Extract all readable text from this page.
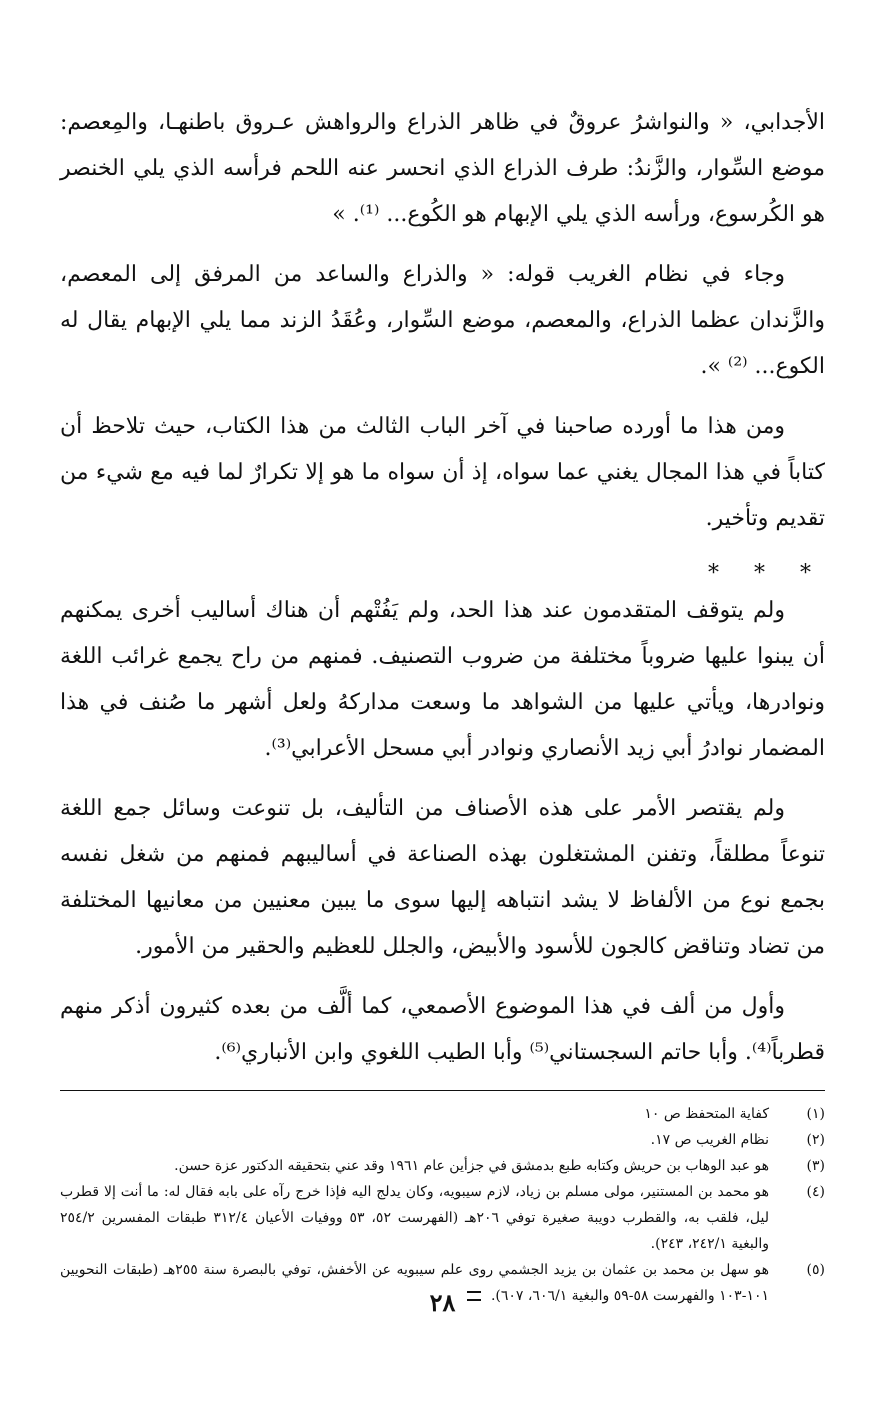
الأجدابي، « والنواشرُ عروقٌ في ظاهر الذراع والرواهش عـروق باطنهـا، والمِعصم: موضع السِّوار، والزَّندُ: طرف الذراع الذي انحسر عنه اللحم فرأسه الذي يلي الخنصر هو الكُرسوع، ورأسه الذي يلي الإبهام هو الكُوع... ⁽¹⁾. »

وجاء في نظام الغريب قوله: « والذراع والساعد من المرفق إلى المعصم، والزَّندان عظما الذراع، والمعصم، موضع السِّوار، وعُقَدُ الزند مما يلي الإبهام يقال له الكوع... ⁽²⁾ ».

ومن هذا ما أورده صاحبنا في آخر الباب الثالث من هذا الكتاب، حيث تلاحظ أن كتاباً في هذا المجال يغني عما سواه، إذ أن سواه ما هو إلا تكرارٌ لما فيه مع شيء من تقديم وتأخير.

* * *

ولم يتوقف المتقدمون عند هذا الحد، ولم يَفُتْهم أن هناك أساليب أخرى يمكنهم أن يبنوا عليها ضروباً مختلفة من ضروب التصنيف. فمنهم من راح يجمع غرائب اللغة ونوادرها، ويأتي عليها من الشواهد ما وسعت مداركهُ ولعل أشهر ما صُنف في هذا المضمار نوادرُ أبي زيد الأنصاري ونوادر أبي مسحل الأعرابي⁽³⁾.

ولم يقتصر الأمر على هذه الأصناف من التأليف، بل تنوعت وسائل جمع اللغة تنوعاً مطلقاً، وتفنن المشتغلون بهذه الصناعة في أساليبهم فمنهم من شغل نفسه بجمع نوع من الألفاظ لا يشد انتباهه إليها سوى ما يبين معنيين من معانيها المختلفة من تضاد وتناقض كالجون للأسود والأبيض، والجلل للعظيم والحقير من الأمور.

وأول من ألف في هذا الموضوع الأصمعي، كما ألَّف من بعده كثيرون أذكر منهم قطرباً⁽⁴⁾. وأبا حاتم السجستاني⁽⁵⁾ وأبا الطيب اللغوي وابن الأنباري⁽⁶⁾.

(١)
كفاية المتحفظ ص ١٠
(٢)
نظام الغريب ص ١٧.
(٣)
هو عبد الوهاب بن حريش وكتابه طبع بدمشق في جزأين عام ١٩٦١ وقد عني بتحقيقه الدكتور عزة حسن.
(٤)
هو محمد بن المستنير، مولى مسلم بن زياد، لازم سيبويه، وكان يدلج اليه فإذا خرج رآه على بابه فقال له: ما أنت إلا قطرب ليل، فلقب به، والقطرب دويبة صغيرة توفي ٢٠٦هـ (الفهرست ٥٢، ٥٣ ووفيات الأعيان ٣١٢/٤ طبقات المفسرين ٢٥٤/٢ والبغية ٢٤٢/١، ٢٤٣).
(٥)
هو سهل بن محمد بن عثمان بن يزيد الجشمي روى علم سيبويه عن الأخفش، توفي بالبصرة سنة ٢٥٥هـ (طبقات النحويين ١٠١-١٠٣ والفهرست ٥٨-٥٩ والبغية ٦٠٦/١، ٦٠٧).
٢٨
